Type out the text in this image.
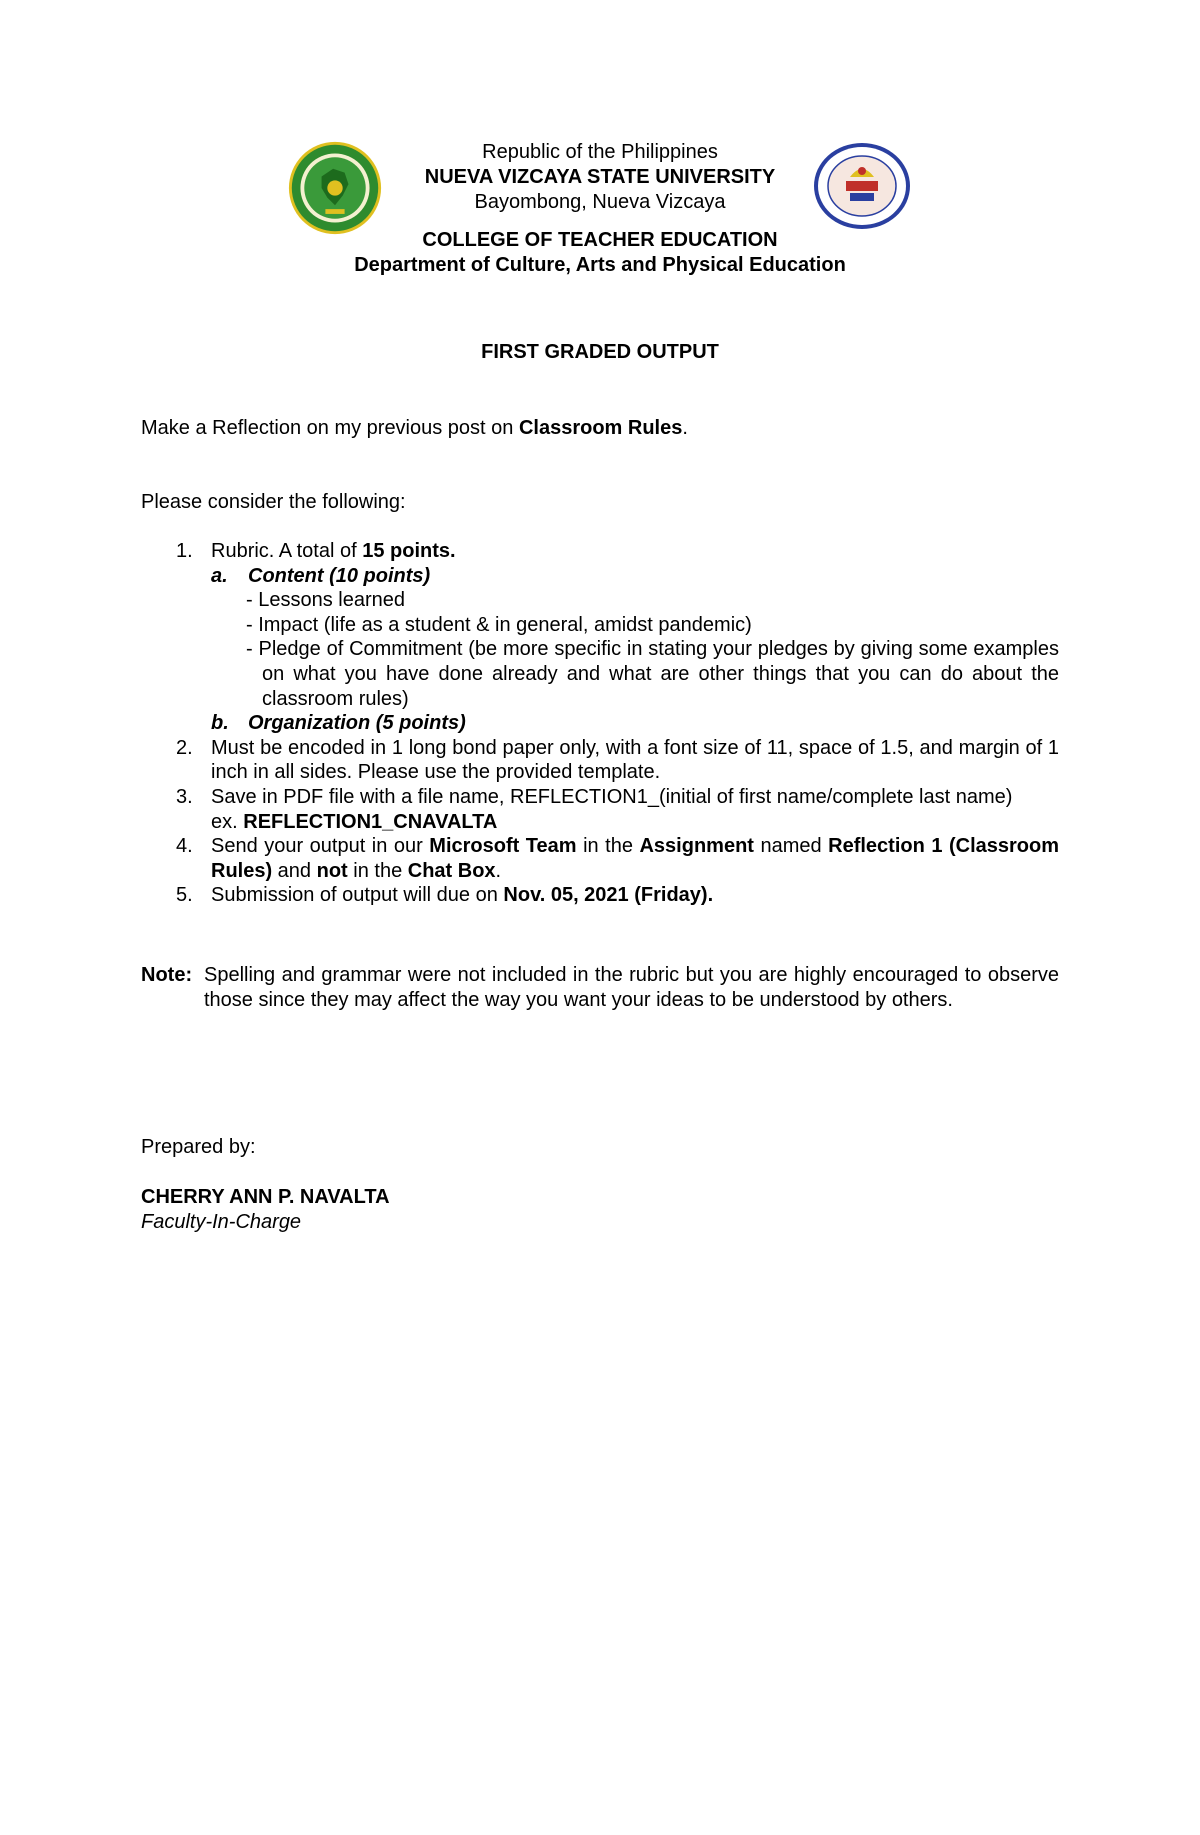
Republic of the Philippines
NUEVA VIZCAYA STATE UNIVERSITY
Bayombong, Nueva Vizcaya
COLLEGE OF TEACHER EDUCATION
Department of Culture, Arts and Physical Education
FIRST GRADED OUTPUT
Make a Reflection on my previous post on Classroom Rules.
Please consider the following:
1. Rubric. A total of 15 points.
a. Content (10 points)
- Lessons learned
- Impact (life as a student & in general, amidst pandemic)
- Pledge of Commitment (be more specific in stating your pledges by giving some examples on what you have done already and what are other things that you can do about the classroom rules)
b. Organization (5 points)
2. Must be encoded in 1 long bond paper only, with a font size of 11, space of 1.5, and margin of 1 inch in all sides. Please use the provided template.
3. Save in PDF file with a file name, REFLECTION1_(initial of first name/complete last name)
ex. REFLECTION1_CNAVALTA
4. Send your output in our Microsoft Team in the Assignment named Reflection 1 (Classroom Rules) and not in the Chat Box.
5. Submission of output will due on Nov. 05, 2021 (Friday).
Note: Spelling and grammar were not included in the rubric but you are highly encouraged to observe those since they may affect the way you want your ideas to be understood by others.
Prepared by:
CHERRY ANN P. NAVALTA
Faculty-In-Charge
